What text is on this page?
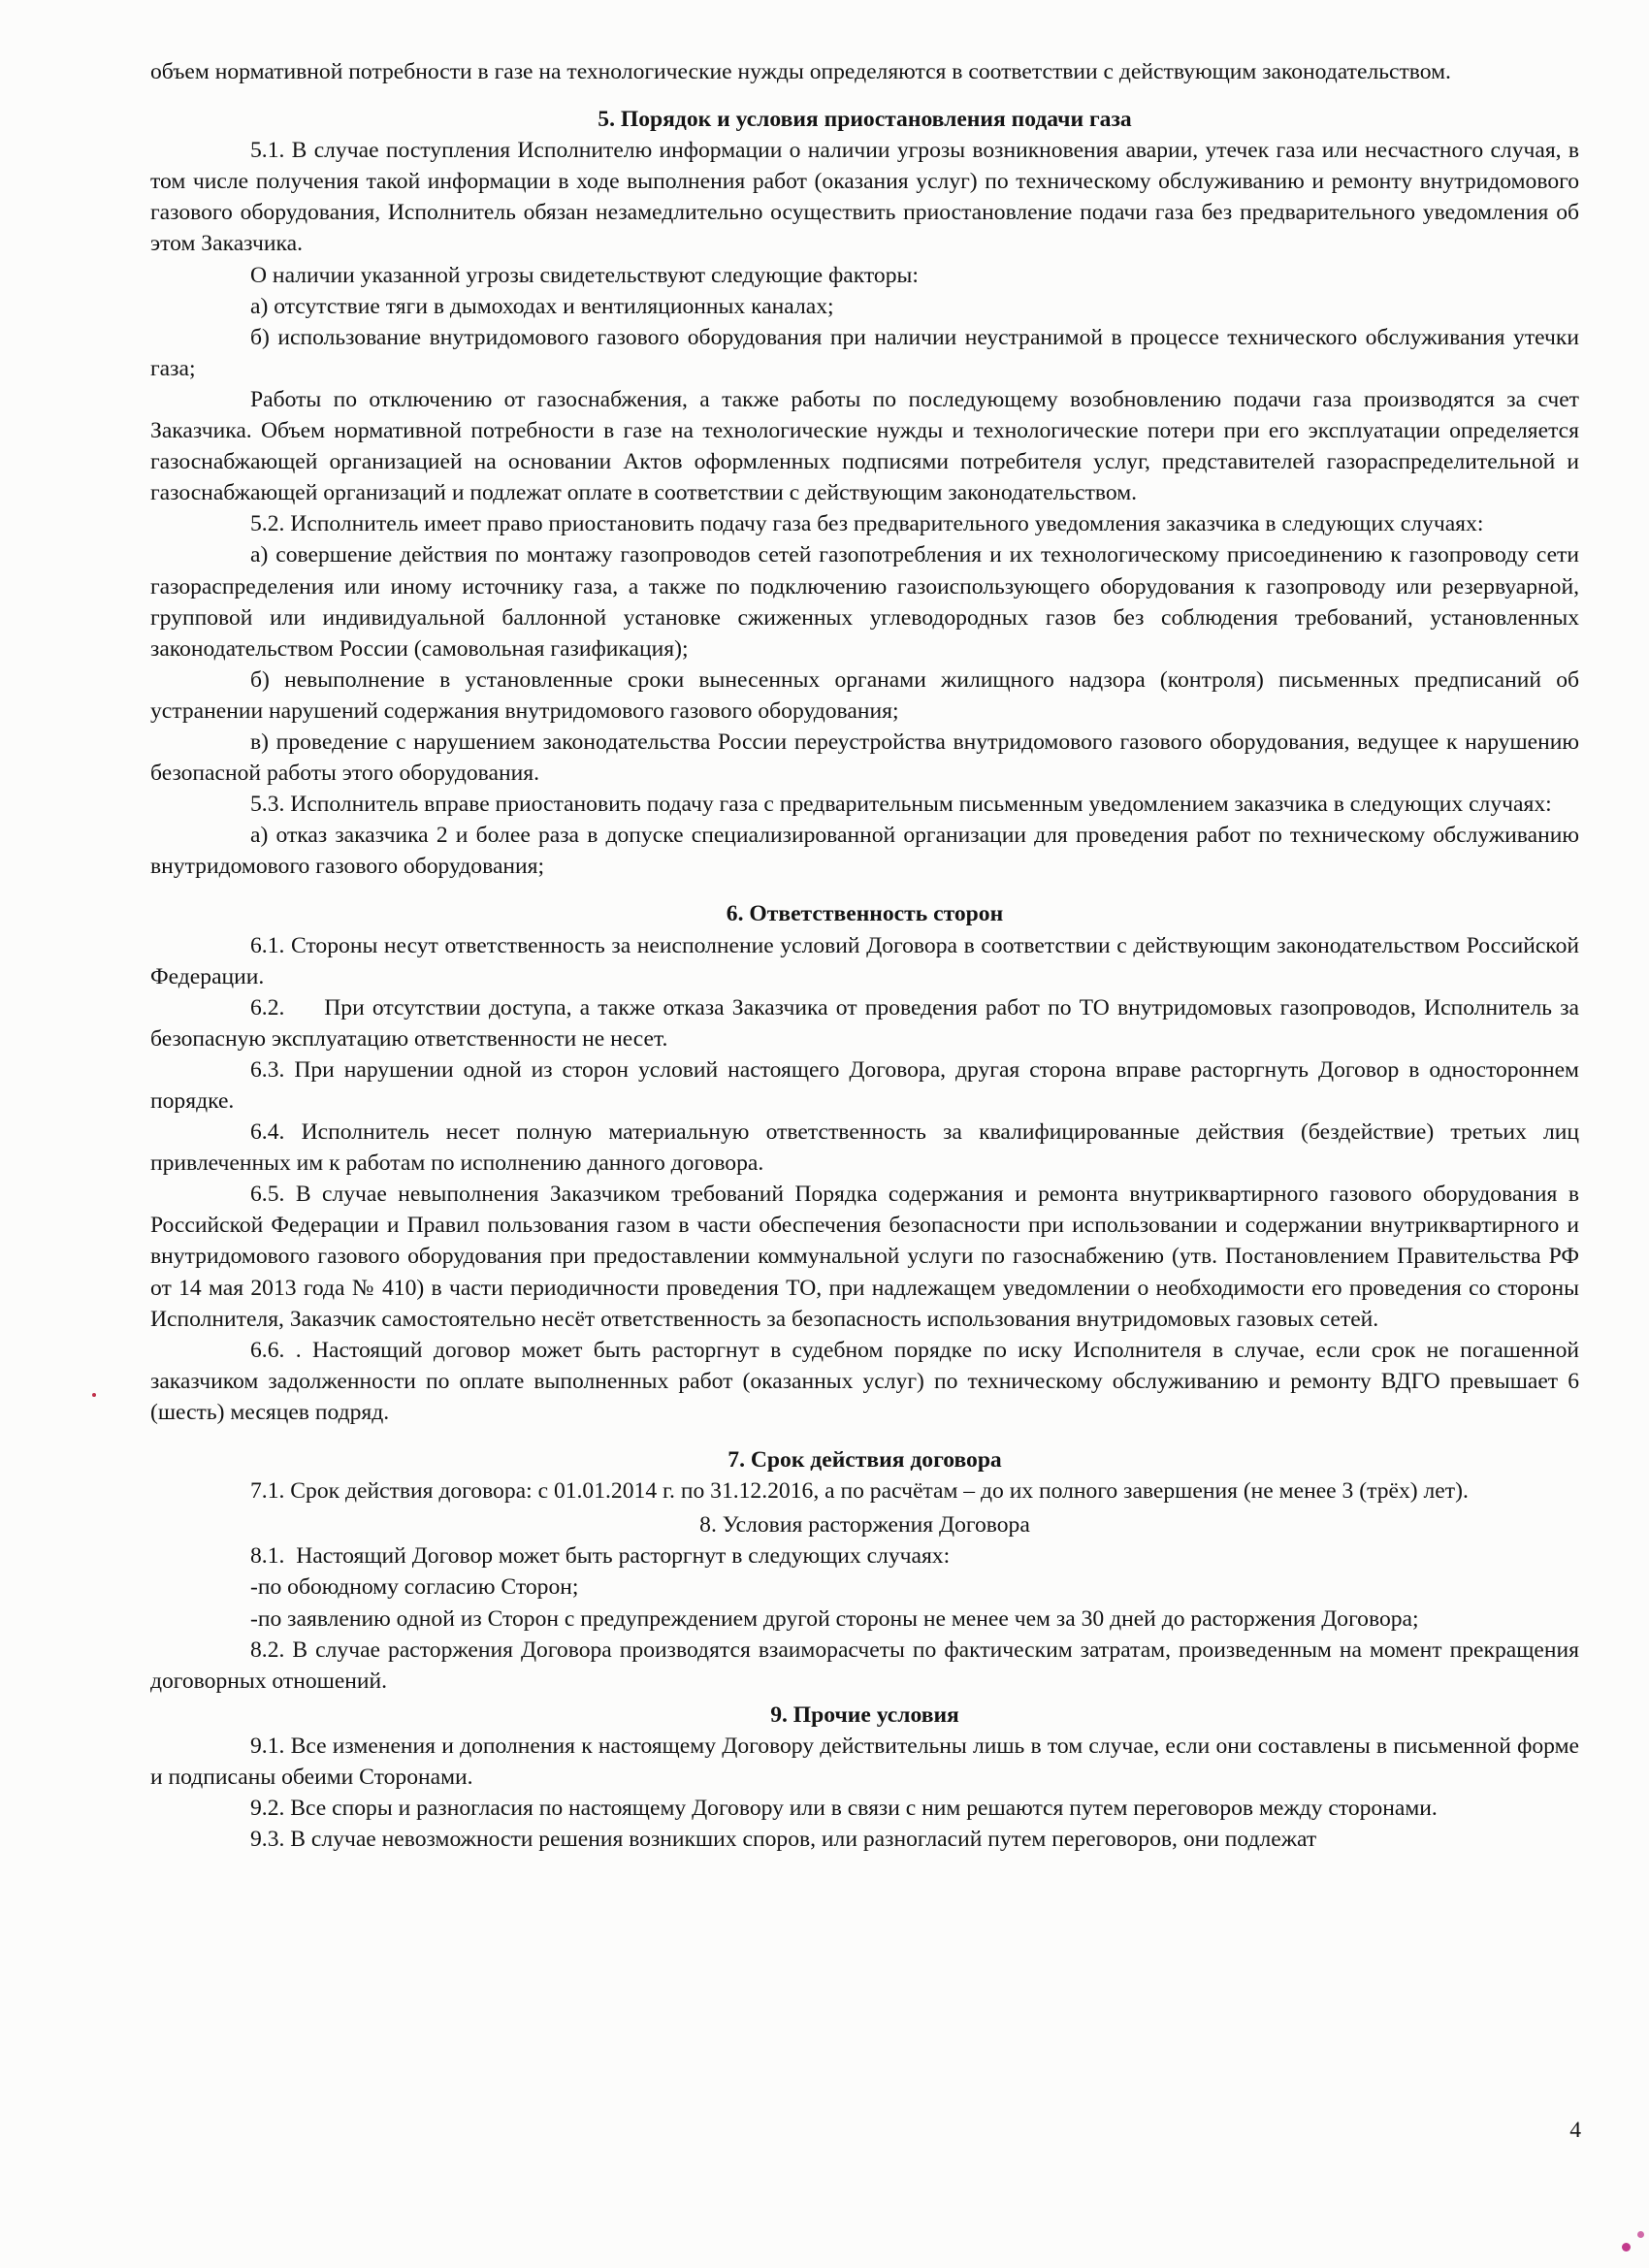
объем нормативной потребности в газе на технологические нужды определяются в соответствии с действующим законодательством.

5. Порядок и условия приостановления подачи газа

5.1. В случае поступления Исполнителю информации о наличии угрозы возникновения аварии, утечек газа или несчастного случая, в том числе получения такой информации в ходе выполнения работ (оказания услуг) по техническому обслуживанию и ремонту внутридомового газового оборудования, Исполнитель обязан незамедлительно осуществить приостановление подачи газа без предварительного уведомления об этом Заказчика.

О наличии указанной угрозы свидетельствуют следующие факторы:

а) отсутствие тяги в дымоходах и вентиляционных каналах;

б) использование внутридомового газового оборудования при наличии неустранимой в процессе технического обслуживания утечки газа;

Работы по отключению от газоснабжения, а также работы по последующему возобновлению подачи газа производятся за счет Заказчика. Объем нормативной потребности в газе на технологические нужды и технологические потери при его эксплуатации определяется газоснабжающей организацией на основании Актов оформленных подписями потребителя услуг, представителей газораспределительной и газоснабжающей организаций и подлежат оплате в соответствии с действующим законодательством.

5.2. Исполнитель имеет право приостановить подачу газа без предварительного уведомления заказчика в следующих случаях:

а) совершение действия по монтажу газопроводов сетей газопотребления и их технологическому присоединению к газопроводу сети газораспределения или иному источнику газа, а также по подключению газоиспользующего оборудования к газопроводу или резервуарной, групповой или индивидуальной баллонной установке сжиженных углеводородных газов без соблюдения требований, установленных законодательством России (самовольная газификация);

б) невыполнение в установленные сроки вынесенных органами жилищного надзора (контроля) письменных предписаний об устранении нарушений содержания внутридомового газового оборудования;

в) проведение с нарушением законодательства России переустройства внутридомового газового оборудования, ведущее к нарушению безопасной работы этого оборудования.

5.3. Исполнитель вправе приостановить подачу газа с предварительным письменным уведомлением заказчика в следующих случаях:

а) отказ заказчика 2 и более раза в допуске специализированной организации для проведения работ по техническому обслуживанию внутридомового газового оборудования;

6. Ответственность сторон

6.1. Стороны несут ответственность за неисполнение условий Договора в соответствии с действующим законодательством Российской Федерации.

6.2.     При отсутствии доступа, а также отказа Заказчика от проведения работ по ТО внутридомовых газопроводов, Исполнитель за безопасную эксплуатацию ответственности не несет.

6.3. При нарушении одной из сторон условий настоящего Договора, другая сторона вправе расторгнуть Договор в одностороннем порядке.

6.4. Исполнитель несет полную материальную ответственность за квалифицированные действия (бездействие) третьих лиц привлеченных им к работам по исполнению данного договора.

6.5. В случае невыполнения Заказчиком требований Порядка содержания и ремонта внутриквартирного газового оборудования в Российской Федерации и Правил пользования газом в части обеспечения безопасности при использовании и содержании внутриквартирного и внутридомового газового оборудования при предоставлении коммунальной услуги по газоснабжению (утв. Постановлением Правительства РФ от 14 мая 2013 года № 410) в части периодичности проведения ТО, при надлежащем уведомлении о необходимости его проведения со стороны Исполнителя, Заказчик самостоятельно несёт ответственность за безопасность использования внутридомовых газовых сетей.

6.6. . Настоящий договор может быть расторгнут в судебном порядке по иску Исполнителя в случае, если срок не погашенной заказчиком задолженности по оплате выполненных работ (оказанных услуг) по техническому обслуживанию и ремонту ВДГО превышает 6 (шесть) месяцев подряд.

7. Срок действия договора

7.1. Срок действия договора: с 01.01.2014 г. по 31.12.2016, а по расчётам – до их полного завершения (не менее 3 (трёх) лет).

8. Условия расторжения Договора

8.1.  Настоящий Договор может быть расторгнут в следующих случаях:

-по обоюдному согласию Сторон;

-по заявлению одной из Сторон с предупреждением другой стороны не менее чем за 30 дней до расторжения Договора;

8.2. В случае расторжения Договора производятся взаиморасчеты по фактическим затратам, произведенным на момент прекращения договорных отношений.

9. Прочие условия

9.1. Все изменения и дополнения к настоящему Договору действительны лишь в том случае, если они составлены в письменной форме и подписаны обеими Сторонами.

9.2. Все споры и разногласия по настоящему Договору или в связи с ним решаются путем переговоров между сторонами.

9.3. В случае невозможности решения возникших споров, или разногласий путем переговоров, они подлежат

4
